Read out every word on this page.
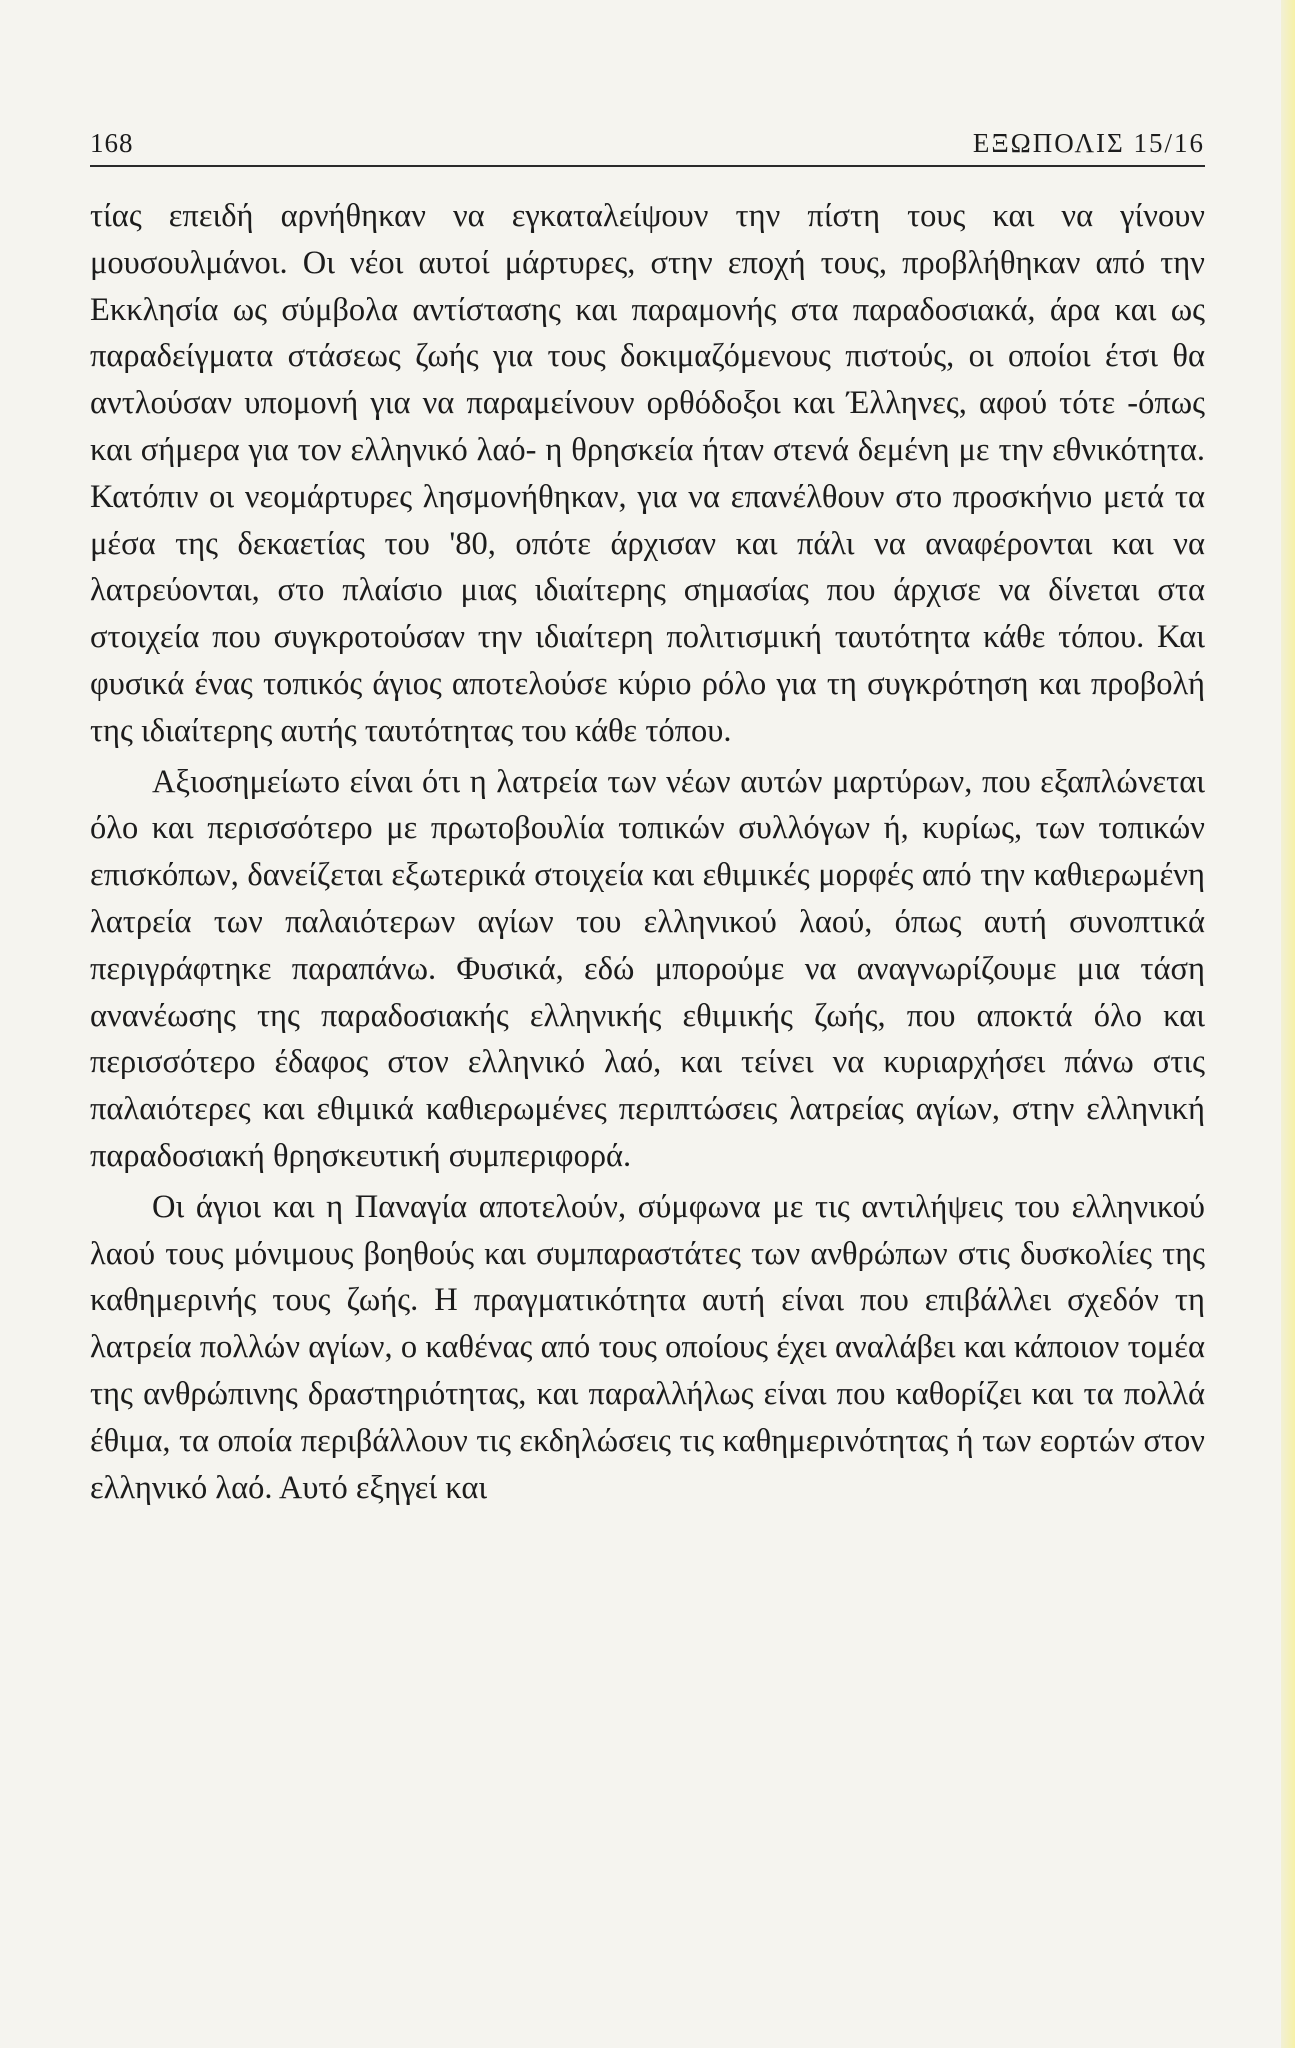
168	ΕΞΩΠΟΛΙΣ 15/16

τίας επειδή αρνήθηκαν να εγκαταλείψουν την πίστη τους και να γίνουν μουσουλμάνοι. Οι νέοι αυτοί μάρτυρες, στην εποχή τους, προβλήθηκαν από την Εκκλησία ως σύμβολα αντίστασης και παραμονής στα παραδοσιακά, άρα και ως παραδείγματα στάσεως ζωής για τους δοκιμαζόμενους πιστούς, οι οποίοι έτσι θα αντλούσαν υπομονή για να παραμείνουν ορθόδοξοι και Έλληνες, αφού τότε -όπως και σήμερα για τον ελληνικό λαό- η θρησκεία ήταν στενά δεμένη με την εθνικότητα. Κατόπιν οι νεομάρτυρες λησμονήθηκαν, για να επανέλθουν στο προσκήνιο μετά τα μέσα της δεκαετίας του '80, οπότε άρχισαν και πάλι να αναφέρονται και να λατρεύονται, στο πλαίσιο μιας ιδιαίτερης σημασίας που άρχισε να δίνεται στα στοιχεία που συγκροτούσαν την ιδιαίτερη πολιτισμική ταυτότητα κάθε τόπου. Και φυσικά ένας τοπικός άγιος αποτελούσε κύριο ρόλο για τη συγκρότηση και προβολή της ιδιαίτερης αυτής ταυτότητας του κάθε τόπου.

Αξιοσημείωτο είναι ότι η λατρεία των νέων αυτών μαρτύρων, που εξαπλώνεται όλο και περισσότερο με πρωτοβουλία τοπικών συλλόγων ή, κυρίως, των τοπικών επισκόπων, δανείζεται εξωτερικά στοιχεία και εθιμικές μορφές από την καθιερωμένη λατρεία των παλαιότερων αγίων του ελληνικού λαού, όπως αυτή συνοπτικά περιγράφτηκε παραπάνω. Φυσικά, εδώ μπορούμε να αναγνωρίζουμε μια τάση ανανέωσης της παραδοσιακής ελληνικής εθιμικής ζωής, που αποκτά όλο και περισσότερο έδαφος στον ελληνικό λαό, και τείνει να κυριαρχήσει πάνω στις παλαιότερες και εθιμικά καθιερωμένες περιπτώσεις λατρείας αγίων, στην ελληνική παραδοσιακή θρησκευτική συμπεριφορά.

Οι άγιοι και η Παναγία αποτελούν, σύμφωνα με τις αντιλήψεις του ελληνικού λαού τους μόνιμους βοηθούς και συμπαραστάτες των ανθρώπων στις δυσκολίες της καθημερινής τους ζωής. Η πραγματικότητα αυτή είναι που επιβάλλει σχεδόν τη λατρεία πολλών αγίων, ο καθένας από τους οποίους έχει αναλάβει και κάποιον τομέα της ανθρώπινης δραστηριότητας, και παραλλήλως είναι που καθορίζει και τα πολλά έθιμα, τα οποία περιβάλλουν τις εκδηλώσεις τις καθημερινότητας ή των εορτών στον ελληνικό λαό. Αυτό εξηγεί και
